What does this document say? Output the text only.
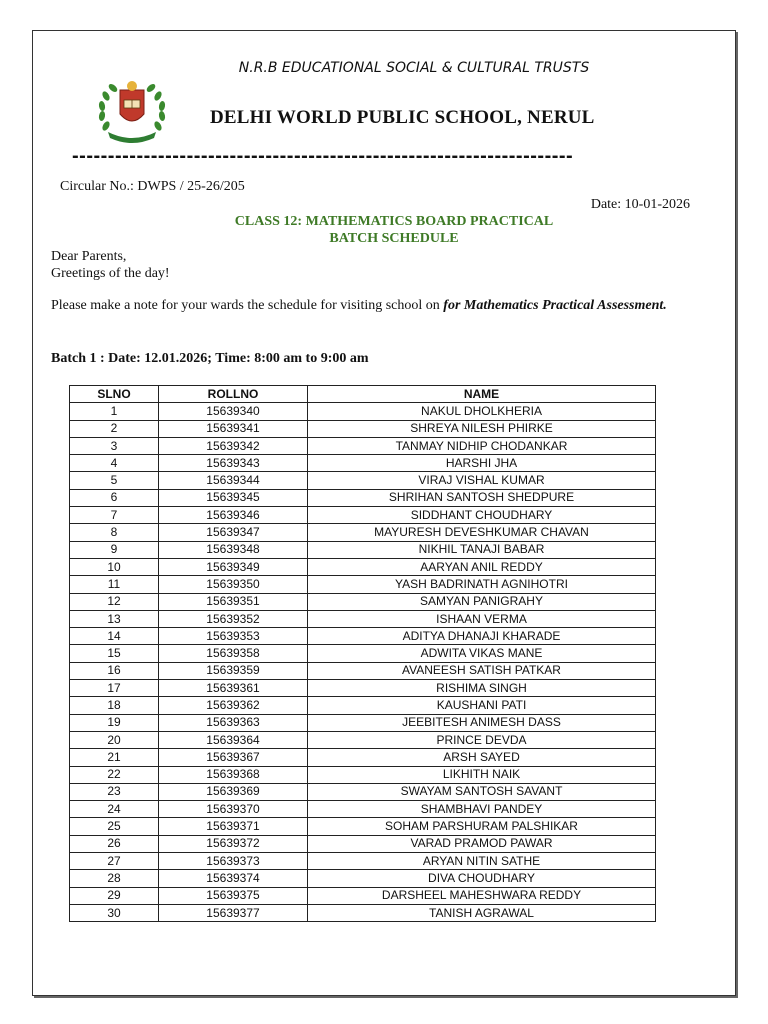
N.R.B EDUCATIONAL SOCIAL & CULTURAL TRUSTS
DELHI WORLD PUBLIC SCHOOL, NERUL
----------------------------------------------------------------------
Circular No.: DWPS / 25-26/205
Date: 10-01-2026
CLASS 12: MATHEMATICS BOARD PRACTICAL
BATCH SCHEDULE
Dear Parents,
Greetings of the day!
Please make a note for your wards the schedule for visiting school on for Mathematics Practical Assessment.
Batch 1 : Date: 12.01.2026; Time: 8:00 am to 9:00 am
SLNO	ROLLNO	NAME
1	15639340	NAKUL DHOLKHERIA
2	15639341	SHREYA NILESH PHIRKE
3	15639342	TANMAY NIDHIP CHODANKAR
4	15639343	HARSHI JHA
5	15639344	VIRAJ VISHAL KUMAR
6	15639345	SHRIHAN SANTOSH SHEDPURE
7	15639346	SIDDHANT CHOUDHARY
8	15639347	MAYURESH DEVESHKUMAR CHAVAN
9	15639348	NIKHIL TANAJI BABAR
10	15639349	AARYAN ANIL REDDY
11	15639350	YASH BADRINATH AGNIHOTRI
12	15639351	SAMYAN PANIGRAHY
13	15639352	ISHAAN VERMA
14	15639353	ADITYA DHANAJI KHARADE
15	15639358	ADWITA VIKAS MANE
16	15639359	AVANEESH SATISH PATKAR
17	15639361	RISHIMA SINGH
18	15639362	KAUSHANI PATI
19	15639363	JEEBITESH ANIMESH DASS
20	15639364	PRINCE DEVDA
21	15639367	ARSH SAYED
22	15639368	LIKHITH NAIK
23	15639369	SWAYAM SANTOSH SAVANT
24	15639370	SHAMBHAVI PANDEY
25	15639371	SOHAM PARSHURAM PALSHIKAR
26	15639372	VARAD PRAMOD PAWAR
27	15639373	ARYAN NITIN SATHE
28	15639374	DIVA CHOUDHARY
29	15639375	DARSHEEL MAHESHWARA REDDY
30	15639377	TANISH AGRAWAL
